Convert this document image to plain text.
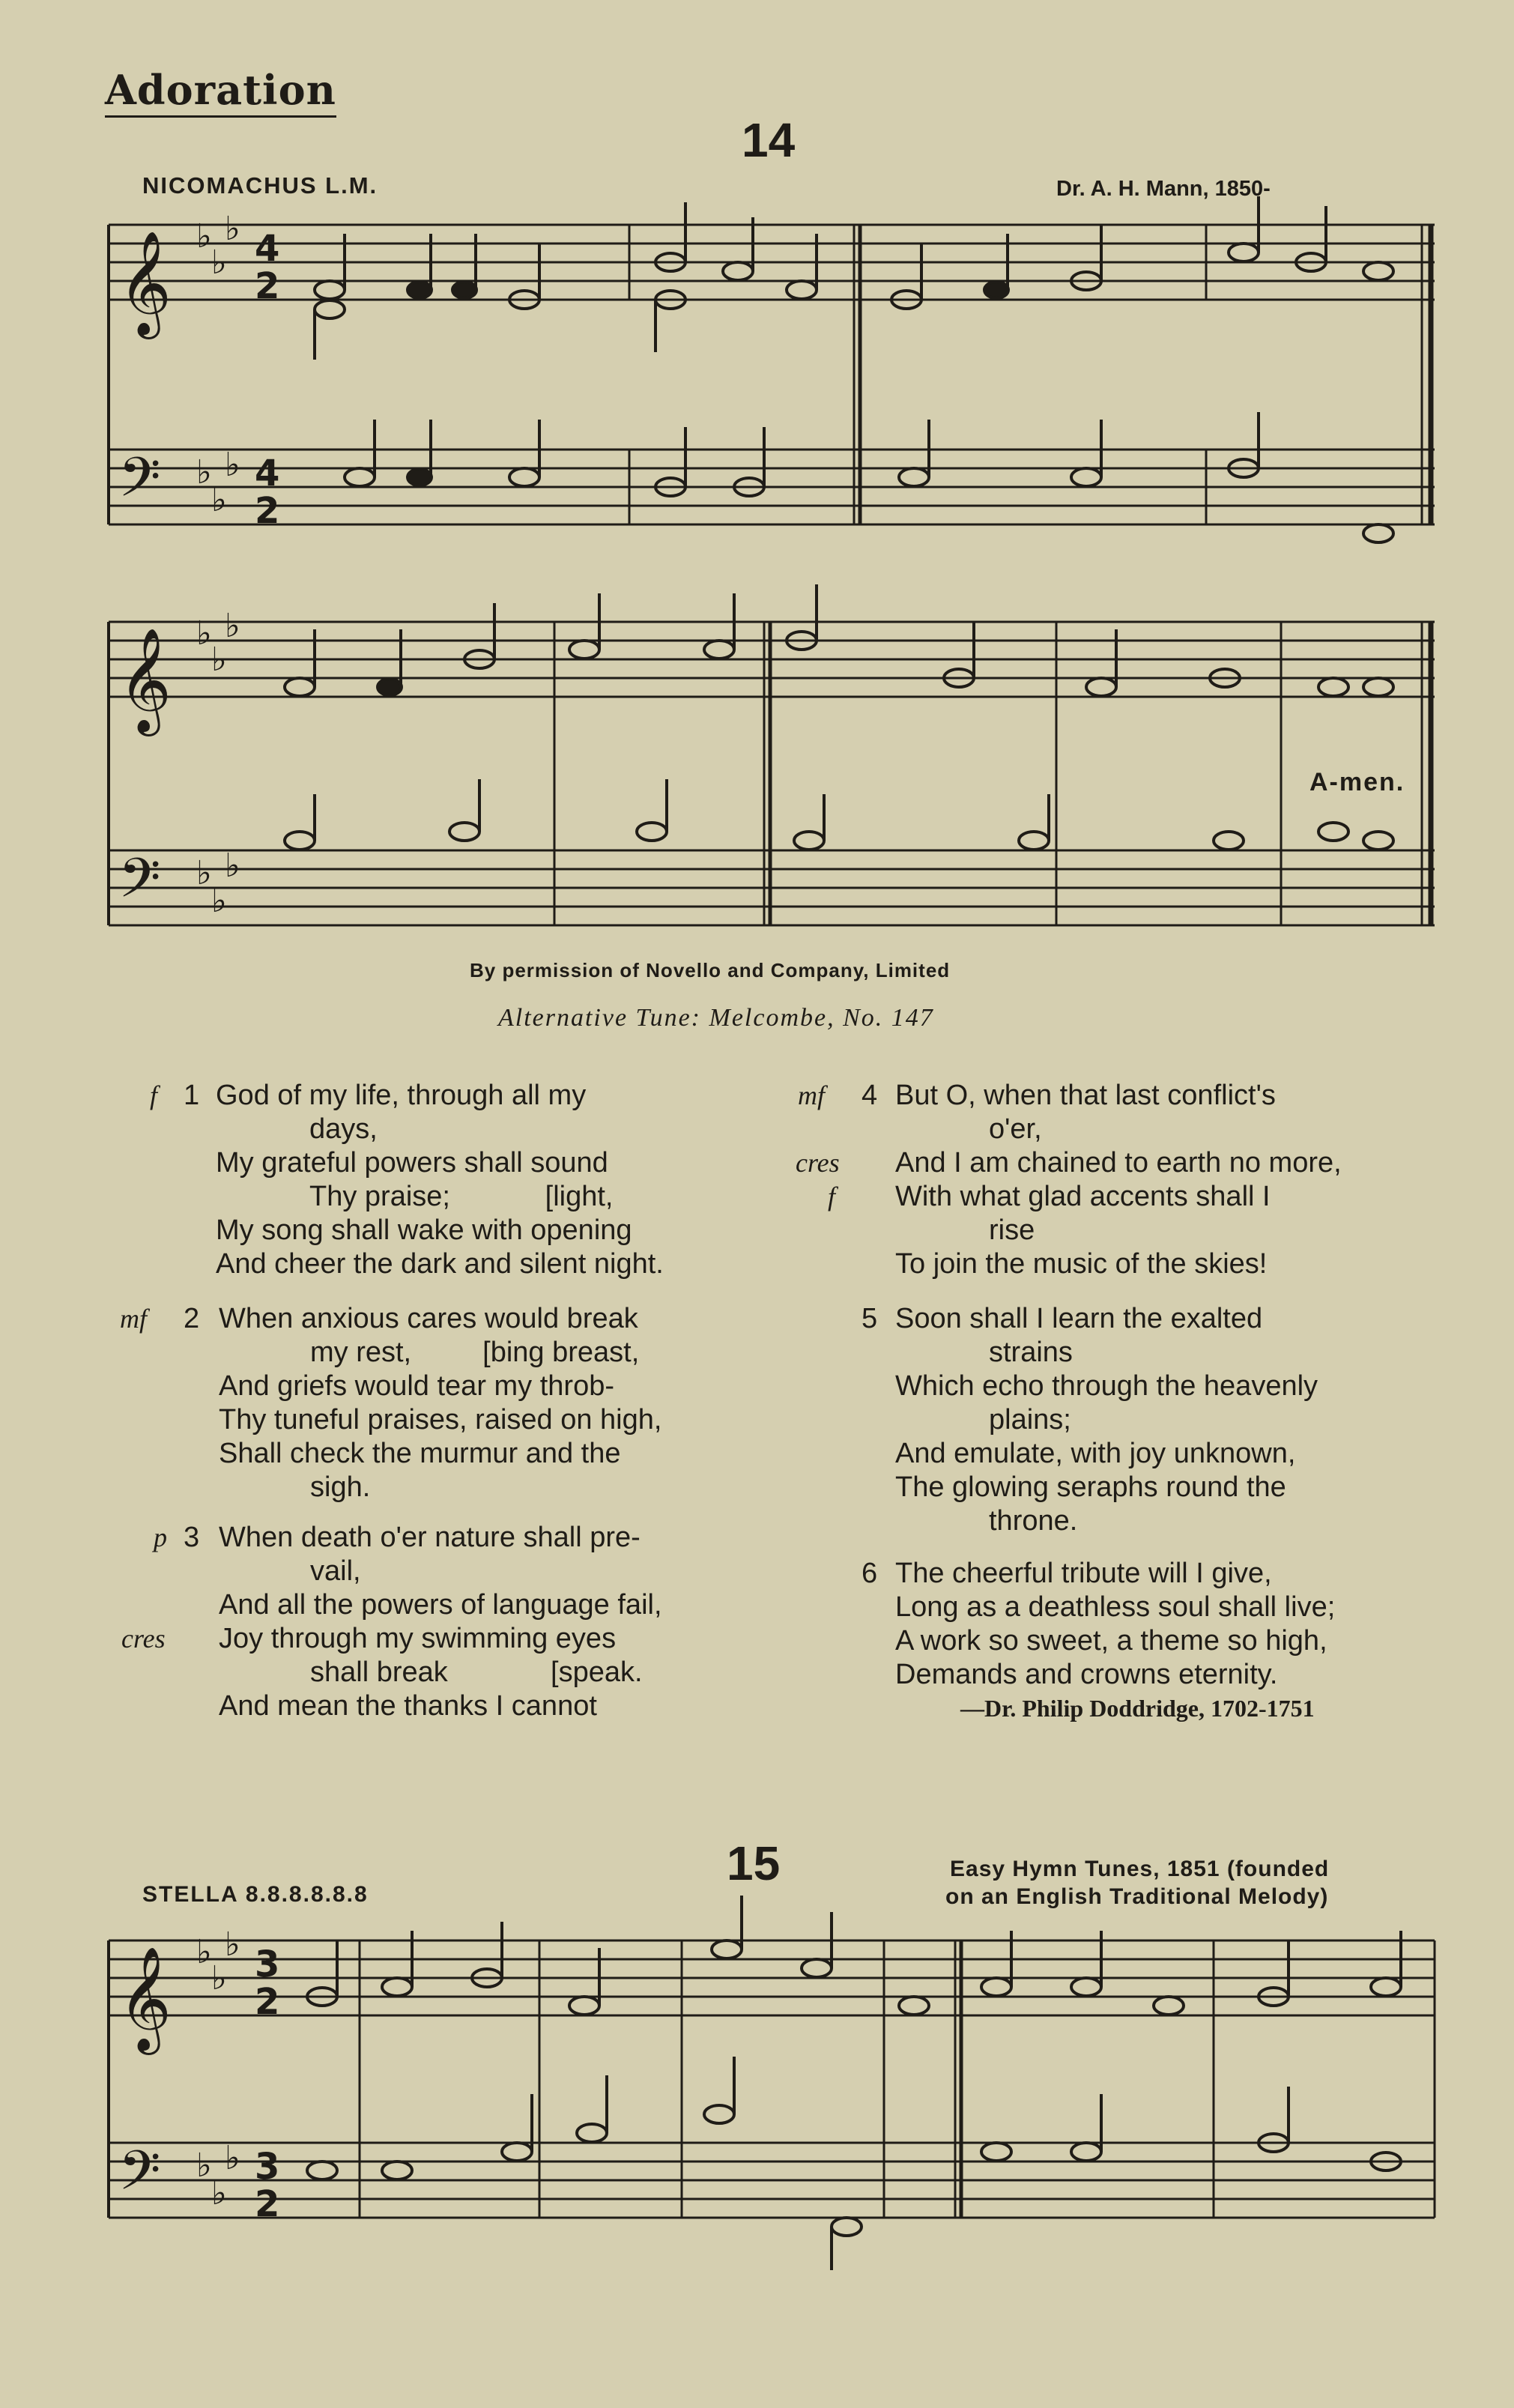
Adoration
14
NICOMACHUS L.M.	Dr. A. H. Mann, 1850-
𝄞
𝄢
𝄞
𝄢
𝄞
𝄢
♭
♭
♭
♭
♭
♭
♭
♭
♭
♭
♭
♭
♭
♭
♭
♭
♭
♭
4
2
4
2
3
2
3
2
A-men.
By permission of Novello and Company, Limited
Alternative Tune: Melcombe, No. 147
f 1 God of my life, through all my
days,
My grateful powers shall sound
Thy praise;            [light,
My song shall wake with opening
And cheer the dark and silent night.
mf 2 When anxious cares would break
my rest,         [bing breast,
And griefs would tear my throb-
Thy tuneful praises, raised on high,
Shall check the murmur and the
sigh.
p
cres
3 When death o'er nature shall pre-
vail,
And all the powers of language fail,
Joy through my swimming eyes
shall break             [speak.
And mean the thanks I cannot
mf
cres
f
4 But O, when that last conflict's
o'er,
And I am chained to earth no more,
With what glad accents shall I
rise
To join the music of the skies!
5 Soon shall I learn the exalted
strains
Which echo through the heavenly
plains;
And emulate, with joy unknown,
The glowing seraphs round the
throne.
6 The cheerful tribute will I give,
Long as a deathless soul shall live;
A work so sweet, a theme so high,
Demands and crowns eternity.
—Dr. Philip Doddridge, 1702-1751
15
STELLA 8.8.8.8.8.8
Easy Hymn Tunes, 1851 (founded
on an English Traditional Melody)
